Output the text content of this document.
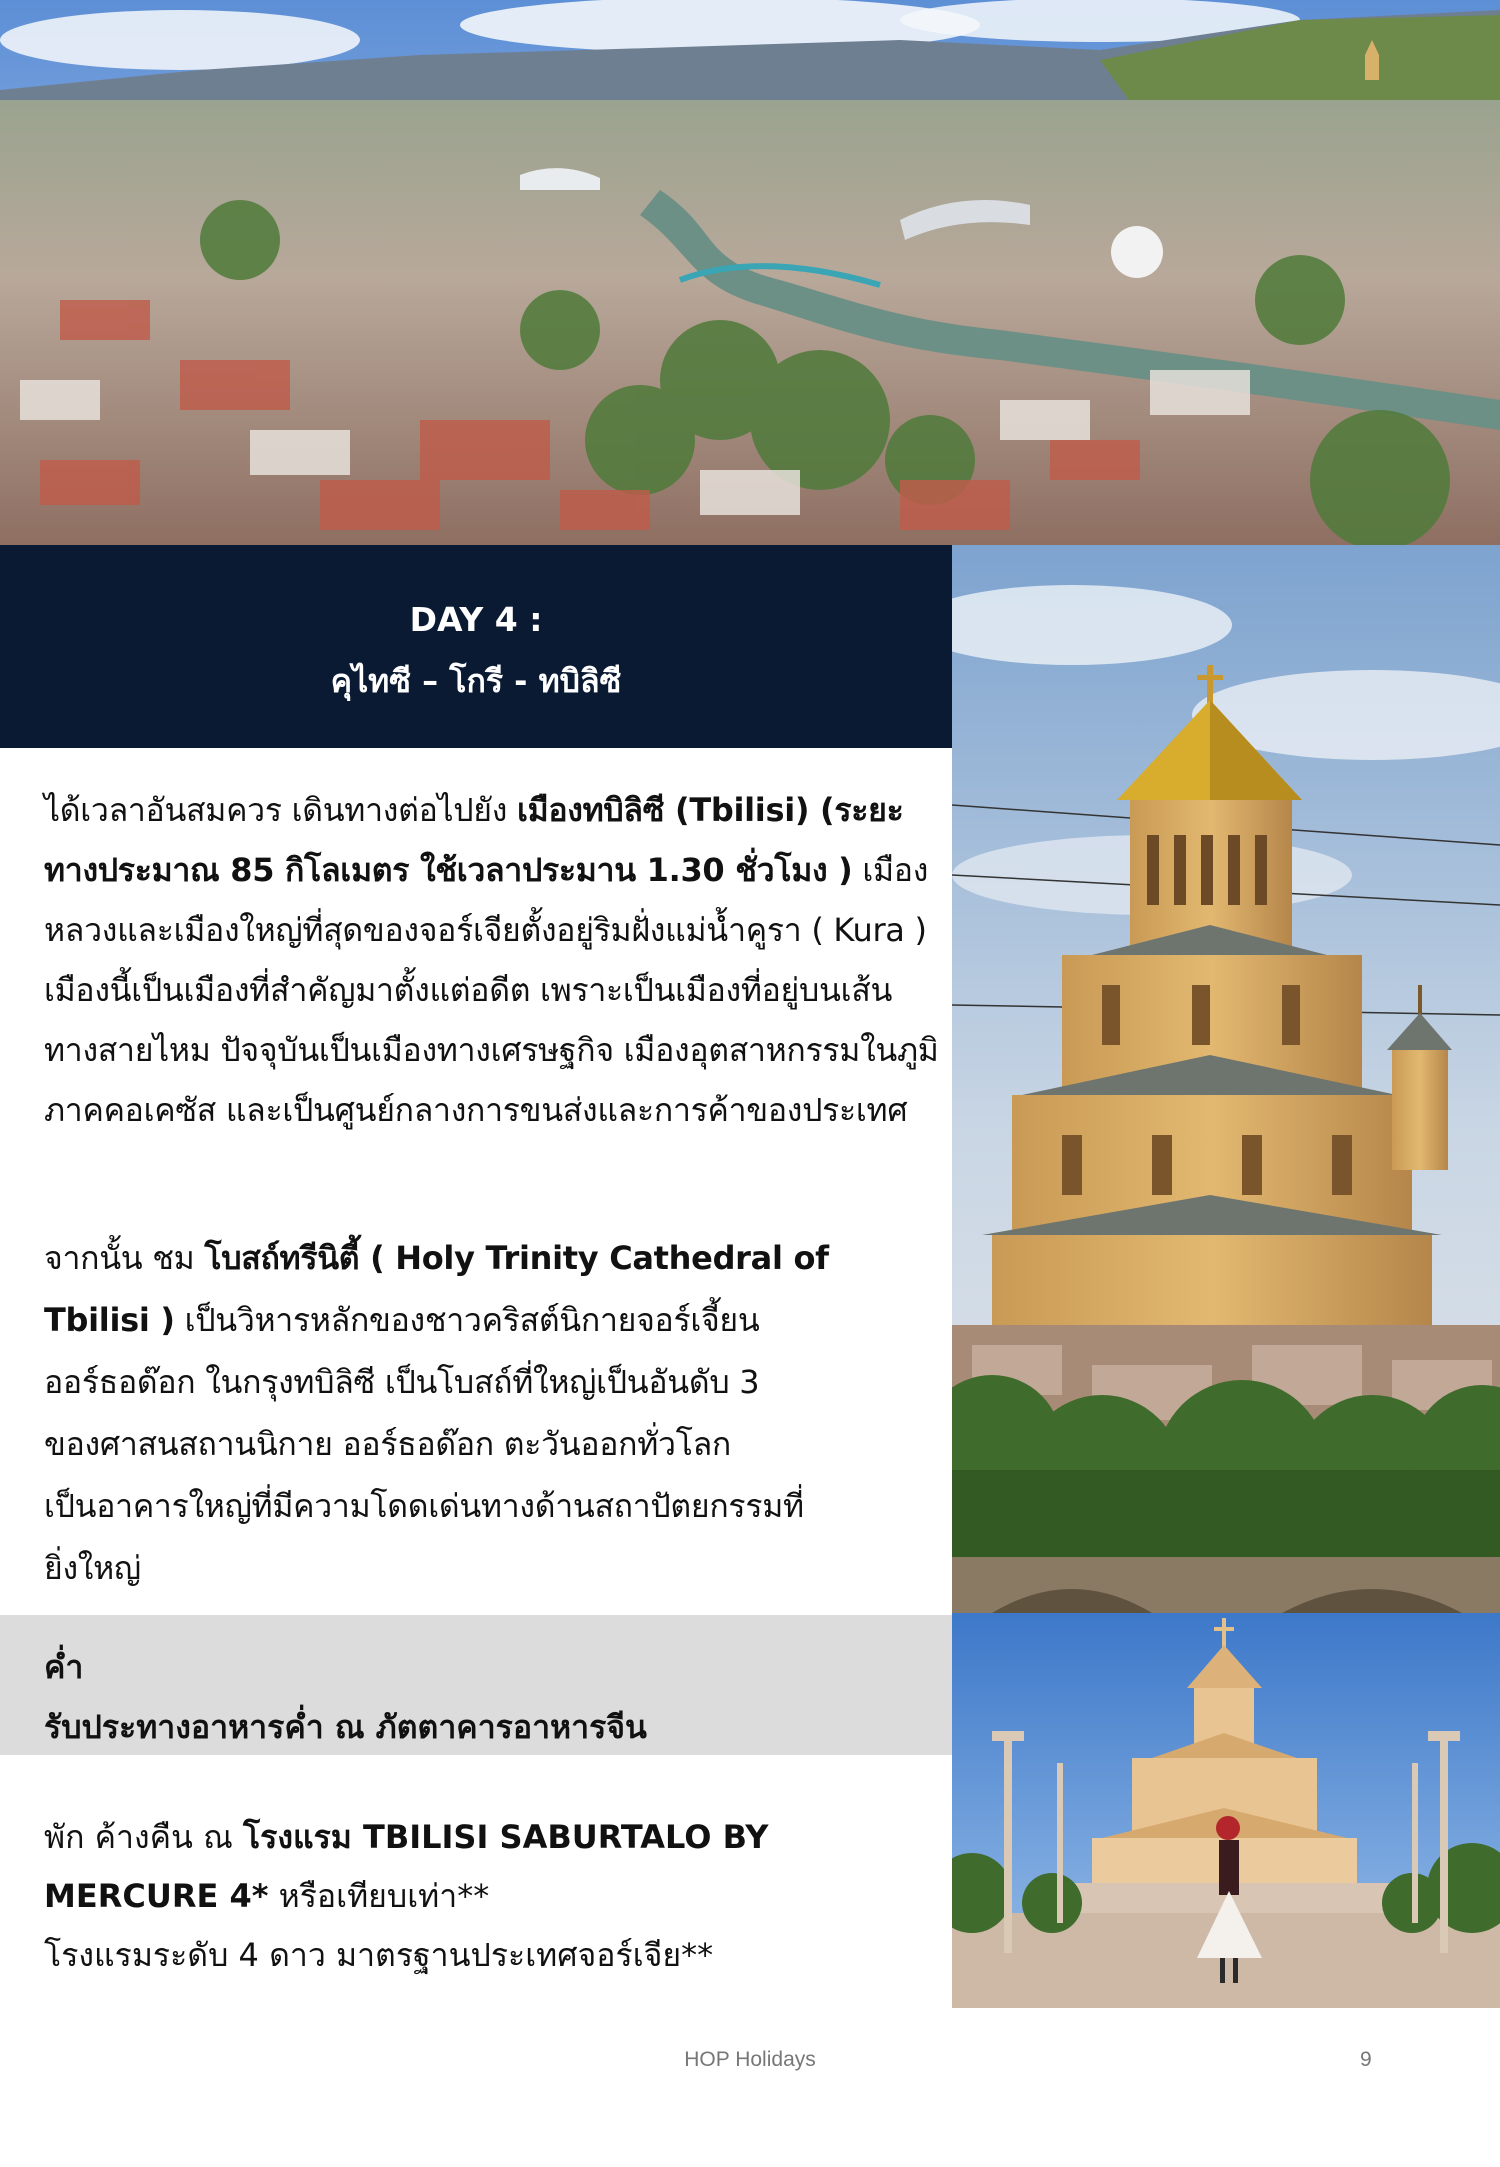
DAY 4 :
คุไทซี – โกรี - ทบิลิซี

ได้เวลาอันสมควร เดินทางต่อไปยัง เมืองทบิลิซี (Tbilisi) (ระยะทางประมาณ 85 กิโลเมตร ใช้เวลาประมาน 1.30 ชั่วโมง ) เมืองหลวงและเมืองใหญ่ที่สุดของจอร์เจียตั้งอยู่ริมฝั่งแม่น้ำคูรา ( Kura ) เมืองนี้เป็นเมืองที่สำคัญมาตั้งแต่อดีต เพราะเป็นเมืองที่อยู่บนเส้นทางสายไหม ปัจจุบันเป็นเมืองทางเศรษฐกิจ เมืองอุตสาหกรรมในภูมิภาคคอเคซัส และเป็นศูนย์กลางการขนส่งและการค้าของประเทศ

จากนั้น ชม โบสถ์ทรีนิตี้ ( Holy Trinity Cathedral of
Tbilisi ) เป็นวิหารหลักของชาวคริสต์นิกายจอร์เจี้ยน
ออร์ธอด๊อก ในกรุงทบิลิซี เป็นโบสถ์ที่ใหญ่เป็นอันดับ 3
ของศาสนสถานนิกาย ออร์ธอด๊อก ตะวันออกทั่วโลก
เป็นอาคารใหญ่ที่มีความโดดเด่นทางด้านสถาปัตยกรรมที่
ยิ่งใหญ่
ค่ำ
รับประทางอาหารค่ำ ณ ภัตตาคารอาหารจีน
พัก ค้างคืน ณ โรงแรม TBILISI SABURTALO BY
MERCURE 4* หรือเทียบเท่า**
โรงแรมระดับ 4 ดาว มาตรฐานประเทศจอร์เจีย**
HOP Holidays	9
